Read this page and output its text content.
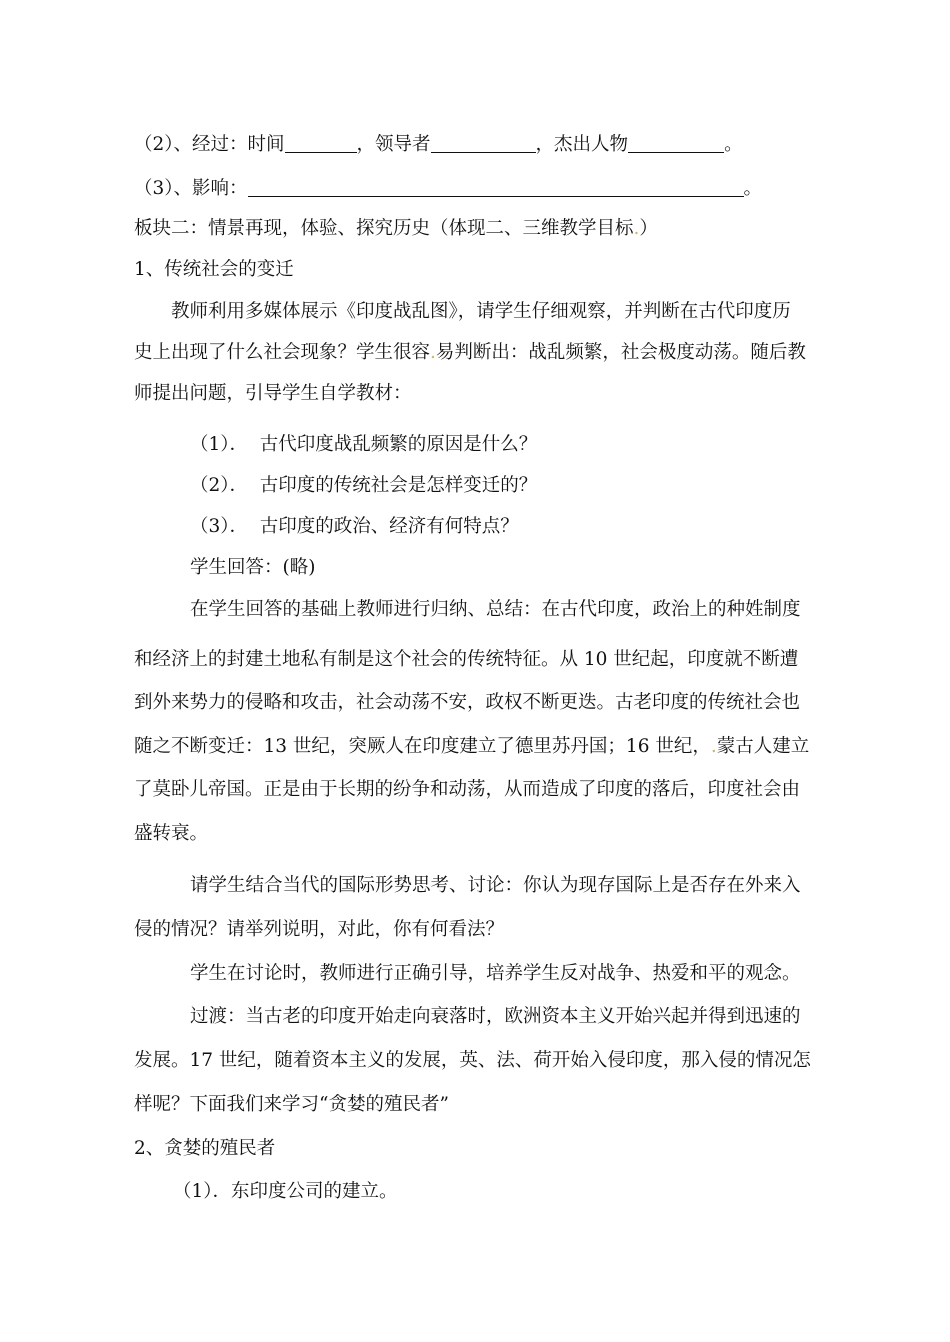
（2）、经过：时间	，领导者	，杰出人物	。
（3）、影响：	。
板块二：情景再现，体验、探究历史（体现二、三维教学目标.）
1、传统社会的变迁
教师利用多媒体展示《印度战乱图》，请学生仔细观察，并判断在古代印度历
史上出现了什么社会现象？学生很容.易判断出：战乱频繁，社会极度动荡。随后教
师提出问题，引导学生自学教材：
（1）．  古代印度战乱频繁的原因是什么？
（2）．  古印度的传统社会是怎样变迁的？
（3）．  古印度的政治、经济有何特点？
学生回答：(略)
在学生回答的基础上教师进行归纳、总结：在古代印度，政治上的种姓制度
和经济上的封建土地私有制是这个社会的传统特征。从 10 世纪起，印度就不断遭
到外来势力的侵略和攻击，社会动荡不安，政权不断更迭。古老印度的传统社会也
随之不断变迁：13 世纪，突厥人在印度建立了德里苏丹国；16 世纪，.蒙古人建立
了莫卧儿帝国。正是由于长期的纷争和动荡，从而造成了印度的落后，印度社会由
盛转衰。
请学生结合当代的国际形势思考、讨论：你认为现存国际上是否存在外来入
侵的情况？请举列说明，对此，你有何看法？
学生在讨论时，教师进行正确引导，培养学生反对战争、热爱和平的观念。
过渡：当古老的印度开始走向衰落时，欧洲资本主义开始兴起并得到迅速的
发展。17 世纪，随着资本主义的发展，英、法、荷开始入侵印度，那入侵的情况怎
样呢？下面我们来学习“贪婪的殖民者”
2、贪婪的殖民者
（1）．东印度公司的建立。
